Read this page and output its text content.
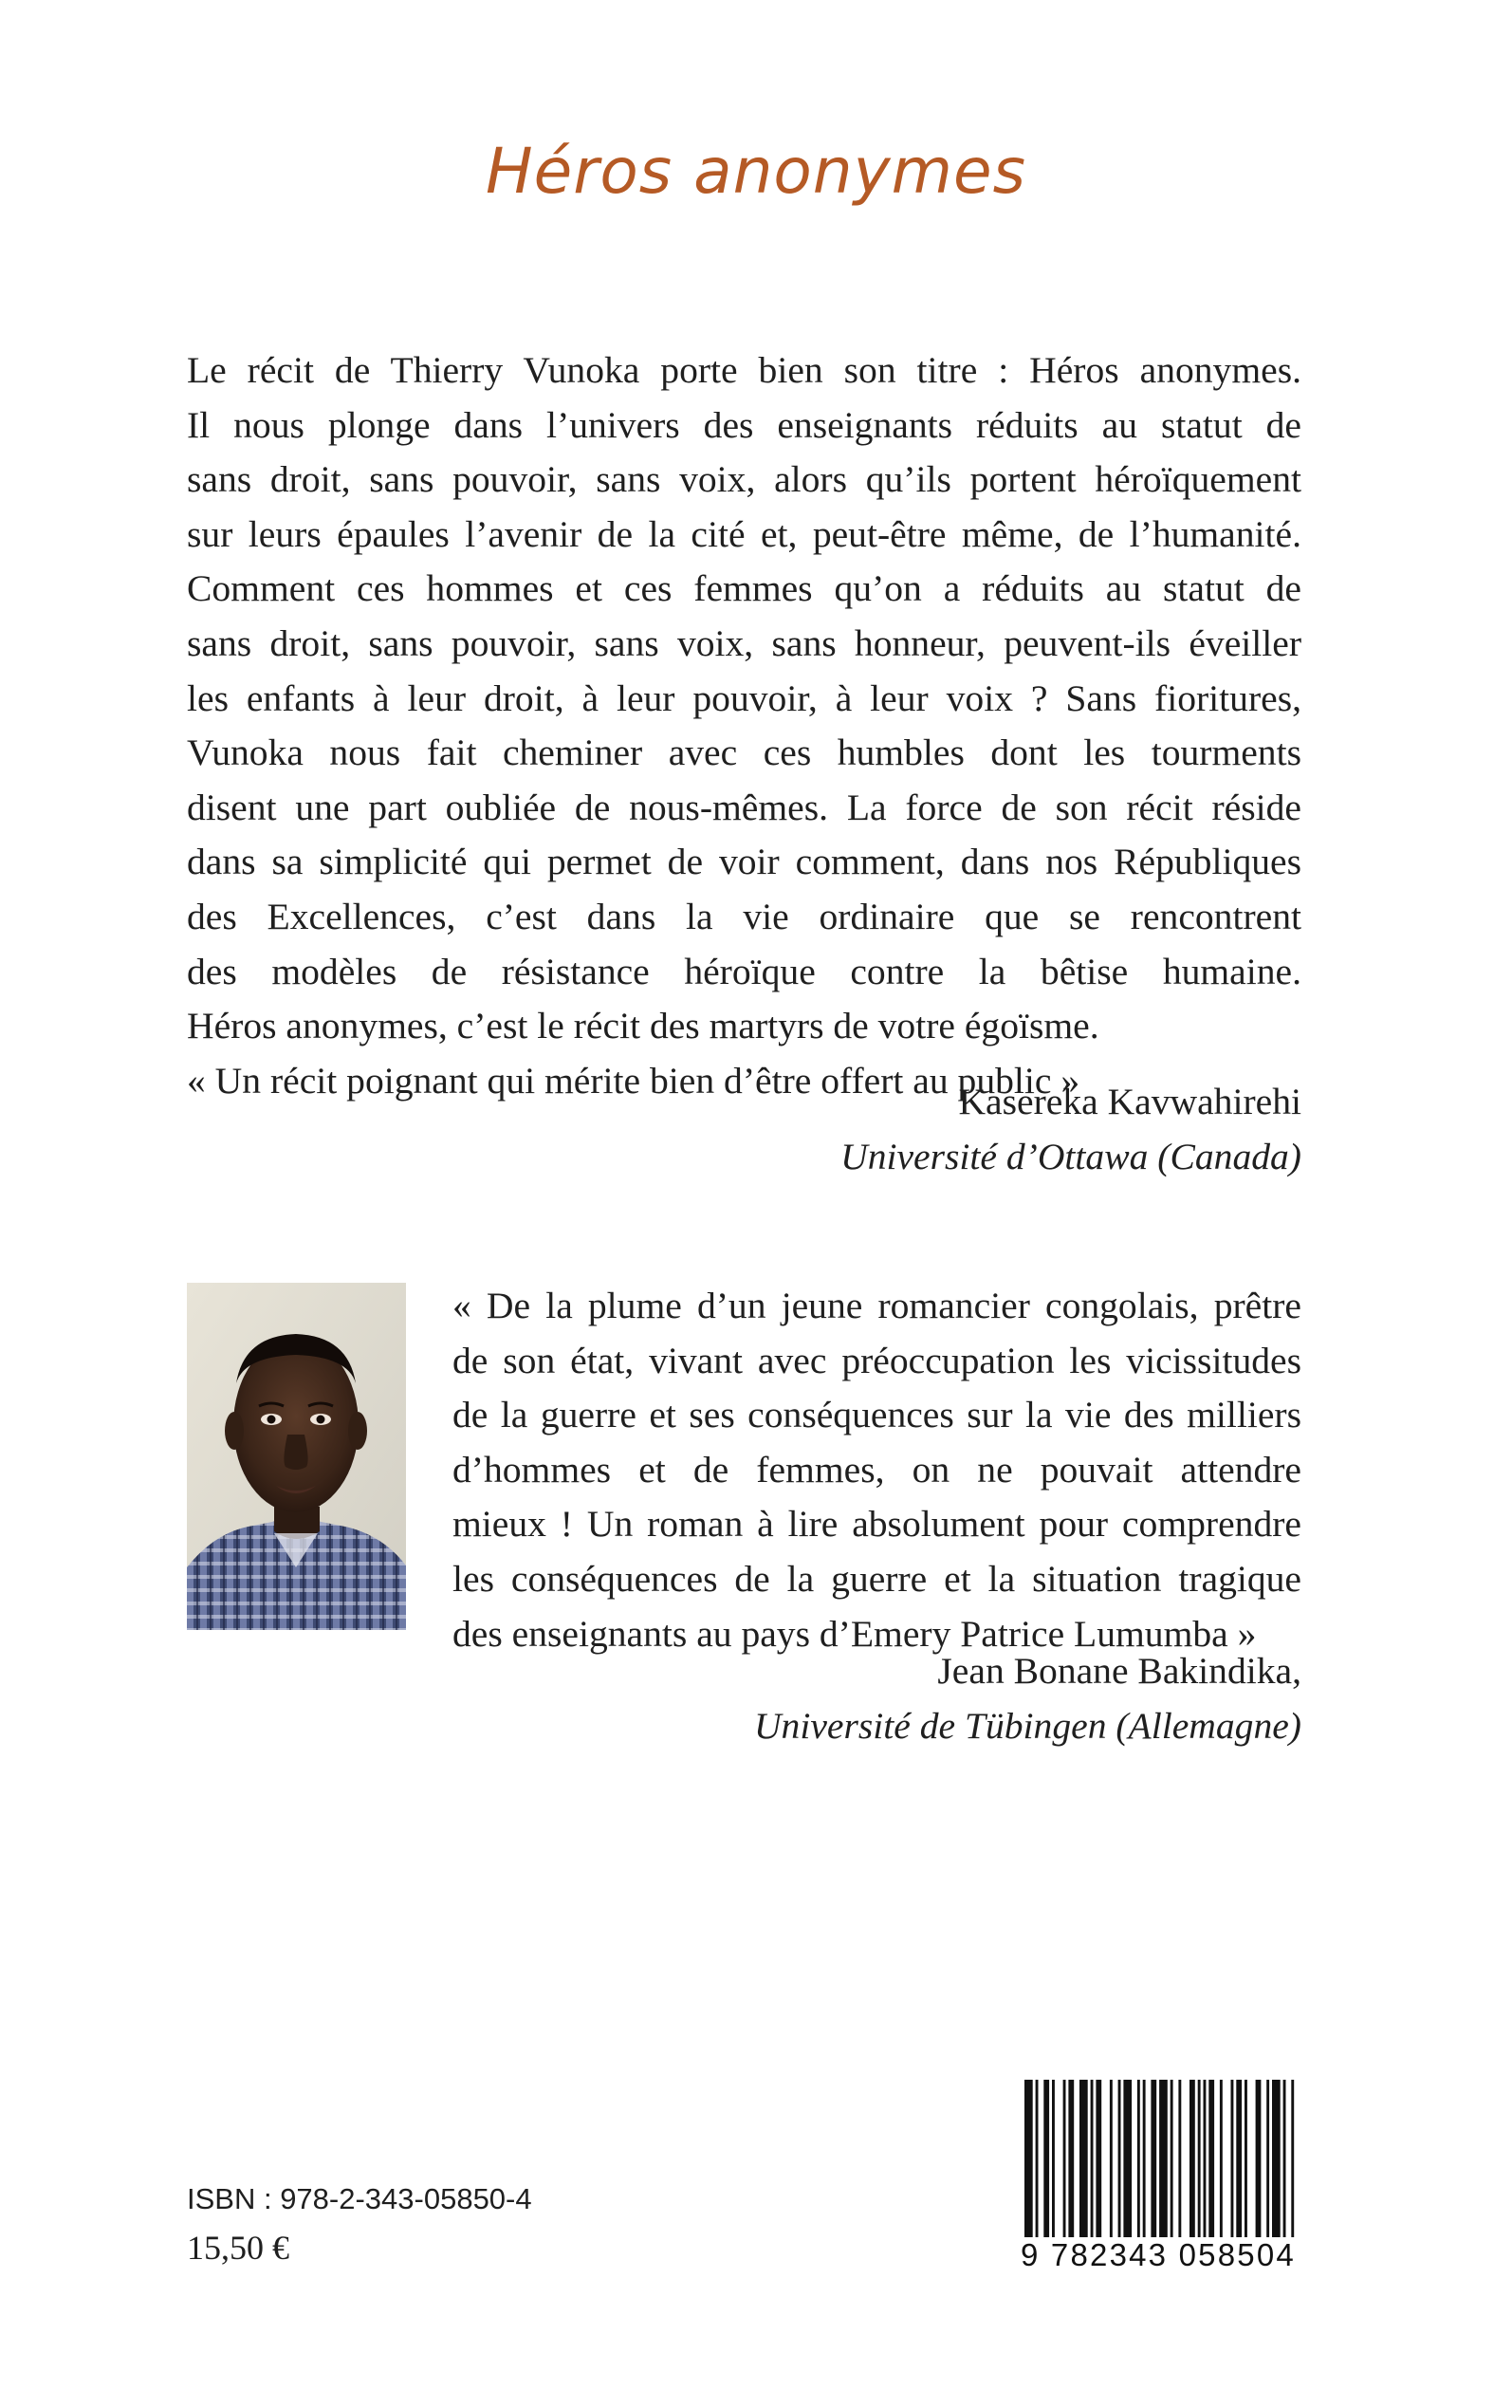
Héros anonymes
Le récit de Thierry Vunoka porte bien son titre : Héros anonymes.
Il nous plonge dans l’univers des enseignants réduits au statut de
sans droit, sans pouvoir, sans voix, alors qu’ils portent héroïquement
sur leurs épaules l’avenir de la cité et, peut-être même, de l’humanité.
Comment ces hommes et ces femmes qu’on a réduits au statut de
sans droit, sans pouvoir, sans voix, sans honneur, peuvent-ils éveiller
les enfants à leur droit, à leur pouvoir, à leur voix ? Sans fioritures,
Vunoka nous fait cheminer avec ces humbles dont les tourments
disent une part oubliée de nous-mêmes. La force de son récit réside
dans sa simplicité qui permet de voir comment, dans nos Républiques
des Excellences, c’est dans la vie ordinaire que se rencontrent
des modèles de résistance héroïque contre la bêtise humaine.
Héros anonymes, c’est le récit des martyrs de votre égoïsme.
« Un récit poignant qui mérite bien d’être offert au public »
Kasereka Kavwahirehi
Université d’Ottawa (Canada)
« De la plume d’un jeune romancier congolais, prêtre
de son état, vivant avec préoccupation les vicissitudes
de la guerre et ses conséquences sur la vie des milliers
d’hommes et de femmes, on ne pouvait attendre
mieux ! Un roman à lire absolument pour comprendre
les conséquences de la guerre et la situation tragique
des enseignants au pays d’Emery Patrice Lumumba »
Jean Bonane Bakindika,
Université de Tübingen (Allemagne)
ISBN : 978-2-343-05850-4
15,50 €	9 782343 058504
